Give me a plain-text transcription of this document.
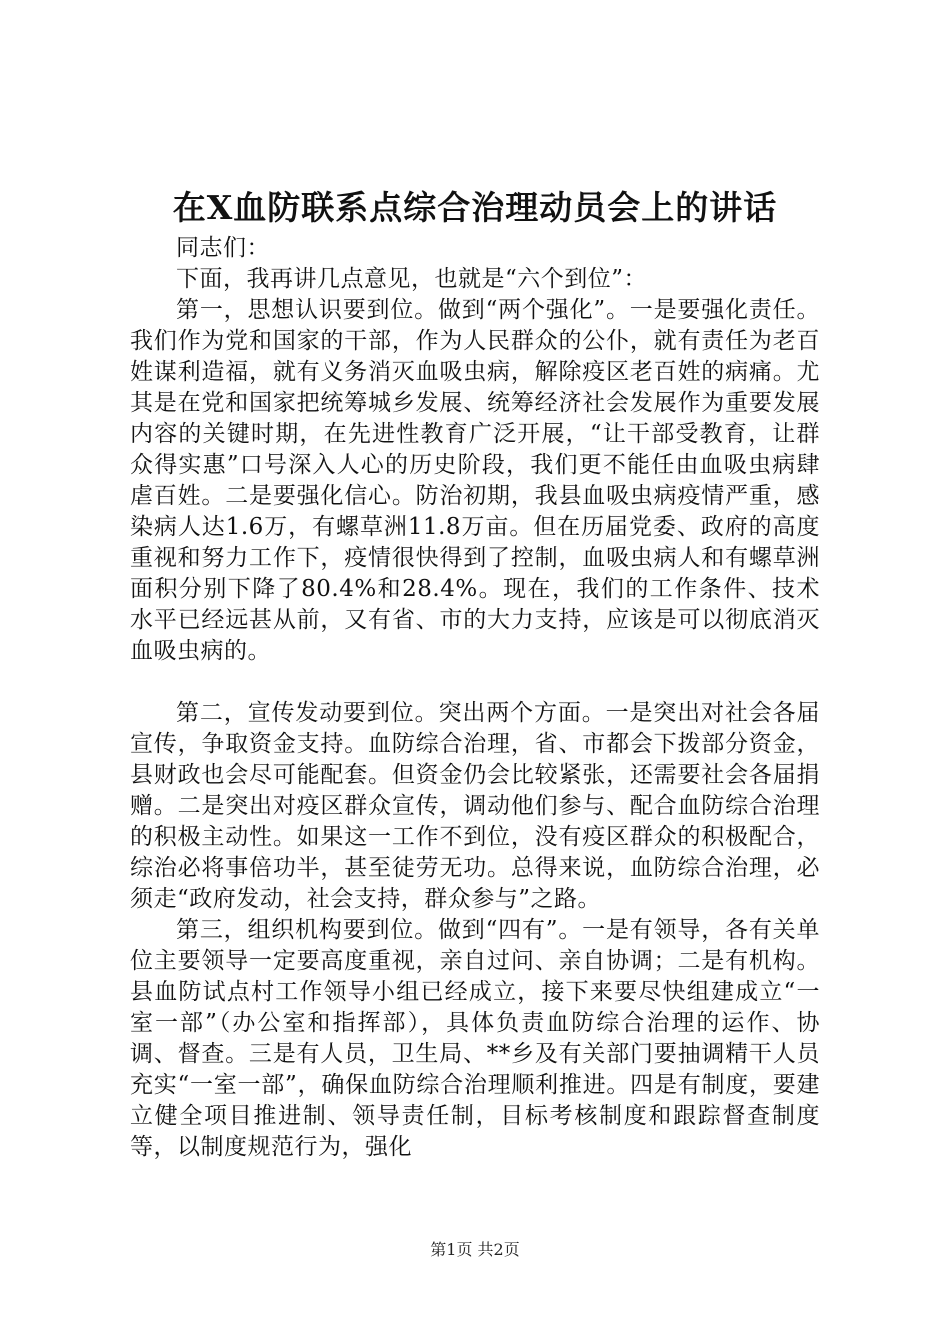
在X血防联系点综合治理动员会上的讲话

同志们：

下面，我再讲几点意见，也就是“六个到位”：

第一，思想认识要到位。做到“两个强化”。一是要强化责任。我们作为党和国家的干部，作为人民群众的公仆，就有责任为老百姓谋利造福，就有义务消灭血吸虫病，解除疫区老百姓的病痛。尤其是在党和国家把统筹城乡发展、统筹经济社会发展作为重要发展内容的关键时期，在先进性教育广泛开展，“让干部受教育，让群众得实惠”口号深入人心的历史阶段，我们更不能任由血吸虫病肆虐百姓。二是要强化信心。防治初期，我县血吸虫病疫情严重，感染病人达1.6万，有螺草洲11.8万亩。但在历届党委、政府的高度重视和努力工作下，疫情很快得到了控制，血吸虫病人和有螺草洲面积分别下降了80.4%和28.4%。现在，我们的工作条件、技术水平已经远甚从前，又有省、市的大力支持，应该是可以彻底消灭血吸虫病的。

第二，宣传发动要到位。突出两个方面。一是突出对社会各届宣传，争取资金支持。血防综合治理，省、市都会下拨部分资金，县财政也会尽可能配套。但资金仍会比较紧张，还需要社会各届捐赠。二是突出对疫区群众宣传，调动他们参与、配合血防综合治理的积极主动性。如果这一工作不到位，没有疫区群众的积极配合，综治必将事倍功半，甚至徒劳无功。总得来说，血防综合治理，必须走“政府发动，社会支持，群众参与”之路。

第三，组织机构要到位。做到“四有”。一是有领导，各有关单位主要领导一定要高度重视，亲自过问、亲自协调；二是有机构。县血防试点村工作领导小组已经成立，接下来要尽快组建成立“一室一部”（办公室和指挥部），具体负责血防综合治理的运作、协调、督查。三是有人员，卫生局、**乡及有关部门要抽调精干人员充实“一室一部”，确保血防综合治理顺利推进。四是有制度，要建立健全项目推进制、领导责任制，目标考核制度和跟踪督查制度等，以制度规范行为，强化

第1页 共2页
